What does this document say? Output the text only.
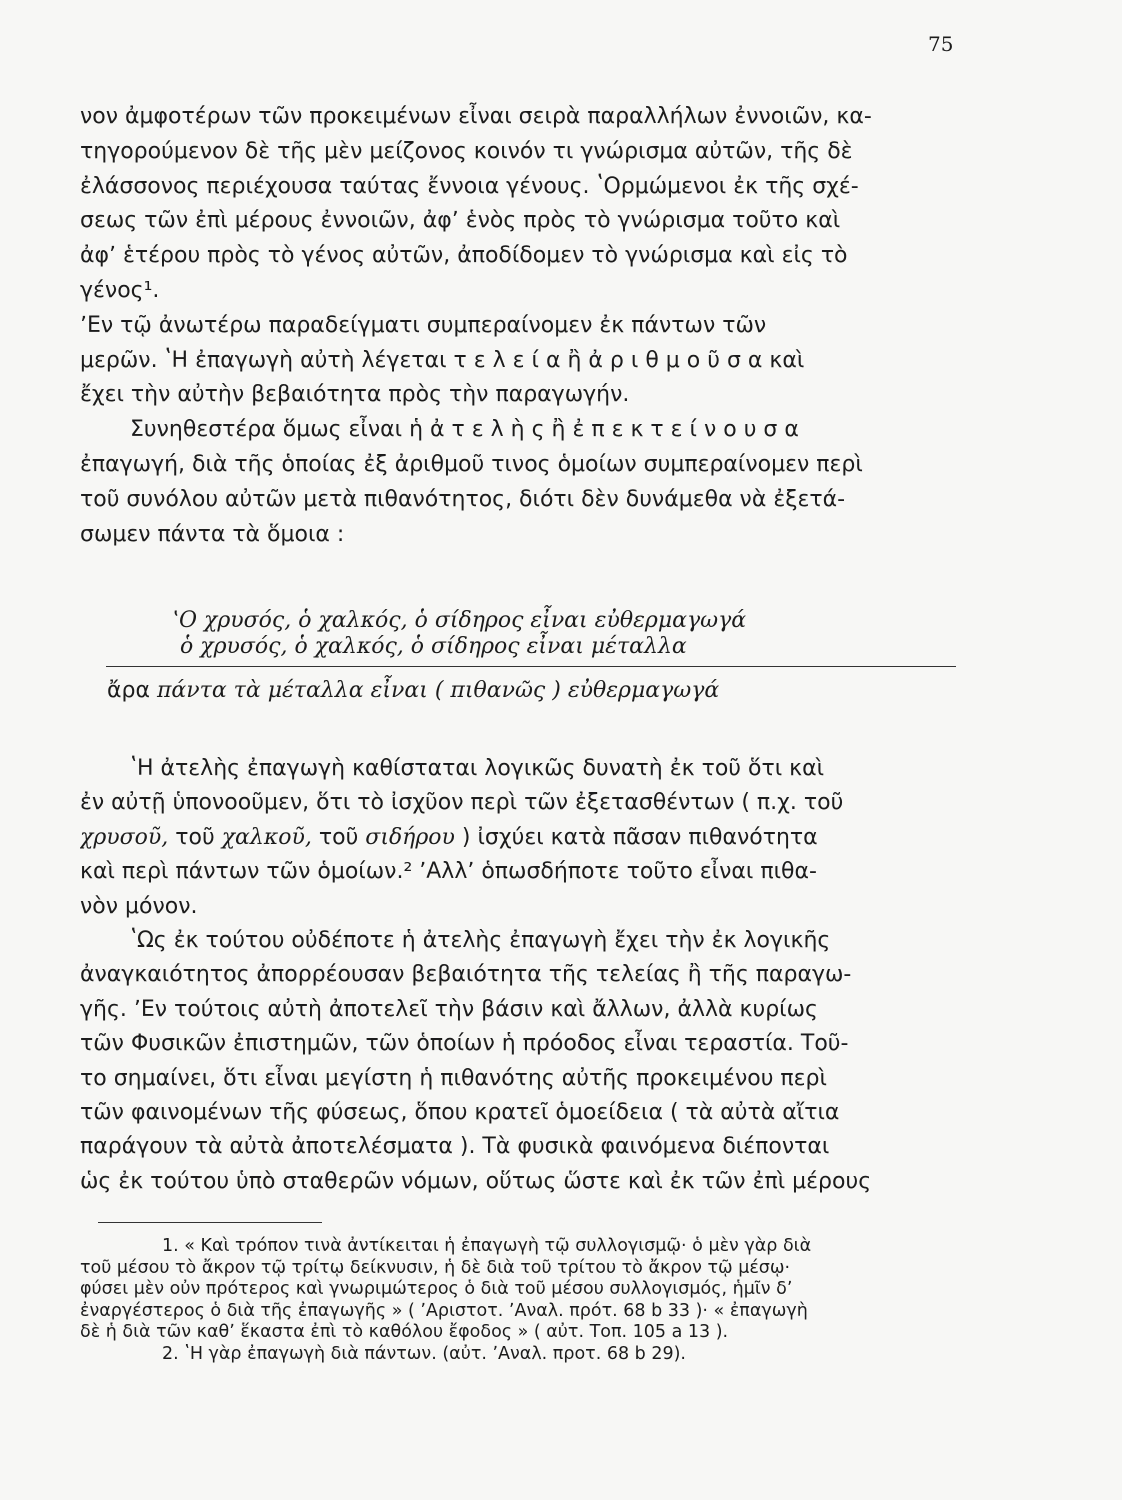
75
νον ἀμφοτέρων τῶν προκειμένων εἶναι σειρὰ παραλλήλων ἐννοιῶν, κα-
τηγορούμενον δὲ τῆς μὲν μείζονος κοινόν τι γνώρισμα αὐτῶν, τῆς δὲ
ἐλάσσονος περιέχουσα ταύτας ἔννοια γένους. ʽΟρμώμενοι ἐκ τῆς σχέ-
σεως τῶν ἐπὶ μέρους ἐννοιῶν, ἀφʼ ἑνὸς πρὸς τὸ γνώρισμα τοῦτο καὶ
ἀφʼ ἑτέρου πρὸς τὸ γένος αὐτῶν, ἀποδίδομεν τὸ γνώρισμα καὶ εἰς τὸ
γένος¹.
ʼΕν τῷ ἀνωτέρω παραδείγματι συμπεραίνομεν ἐκ πάντων τῶν
μερῶν. ʽΗ ἐπαγωγὴ αὐτὴ λέγεται τ ε λ ε ί α ἢ ἀ ρ ι θ μ ο ῦ σ α καὶ
ἔχει τὴν αὐτὴν βεβαιότητα πρὸς τὴν παραγωγήν.
Συνηθεστέρα ὅμως εἶναι ἡ ἀ τ ε λ ὴ ς ἢ ἐ π ε κ τ ε ί ν ο υ σ α
ἐπαγωγή, διὰ τῆς ὁποίας ἐξ ἀριθμοῦ τινος ὁμοίων συμπεραίνομεν περὶ
τοῦ συνόλου αὐτῶν μετὰ πιθανότητος, διότι δὲν δυνάμεθα νὰ ἐξετά-
σωμεν πάντα τὰ ὅμοια :
ʽΟ χρυσός, ὁ χαλκός, ὁ σίδηρος εἶναι εὐθερμαγωγά
ὁ χρυσός, ὁ χαλκός, ὁ σίδηρος εἶναι μέταλλα
ἄρα πάντα τὰ μέταλλα εἶναι ( πιθανῶς ) εὐθερμαγωγά
ʽΗ ἀτελὴς ἐπαγωγὴ καθίσταται λογικῶς δυνατὴ ἐκ τοῦ ὅτι καὶ
ἐν αὐτῇ ὑπονοοῦμεν, ὅτι τὸ ἰσχῦον περὶ τῶν ἐξετασθέντων ( π.χ. τοῦ
χρυσοῦ, τοῦ χαλκοῦ, τοῦ σιδήρου ) ἰσχύει κατὰ πᾶσαν πιθανότητα
καὶ περὶ πάντων τῶν ὁμοίων.² ʼΑλλʼ ὁπωσδήποτε τοῦτο εἶναι πιθα-
νὸν μόνον.
ʽΩς ἐκ τούτου οὐδέποτε ἡ ἀτελὴς ἐπαγωγὴ ἔχει τὴν ἐκ λογικῆς
ἀναγκαιότητος ἀπορρέουσαν βεβαιότητα τῆς τελείας ἢ τῆς παραγω-
γῆς. ʼΕν τούτοις αὐτὴ ἀποτελεῖ τὴν βάσιν καὶ ἄλλων, ἀλλὰ κυρίως
τῶν Φυσικῶν ἐπιστημῶν, τῶν ὁποίων ἡ πρόοδος εἶναι τεραστία. Τοῦ-
το σημαίνει, ὅτι εἶναι μεγίστη ἡ πιθανότης αὐτῆς προκειμένου περὶ
τῶν φαινομένων τῆς φύσεως, ὅπου κρατεῖ ὁμοείδεια ( τὰ αὐτὰ αἴτια
παράγουν τὰ αὐτὰ ἀποτελέσματα ). Τὰ φυσικὰ φαινόμενα διέπονται
ὡς ἐκ τούτου ὑπὸ σταθερῶν νόμων, οὕτως ὥστε καὶ ἐκ τῶν ἐπὶ μέρους
1. « Καὶ τρόπον τινὰ ἀντίκειται ἡ ἐπαγωγὴ τῷ συλλογισμῷ· ὁ μὲν γὰρ διὰ
τοῦ μέσου τὸ ἄκρον τῷ τρίτῳ δείκνυσιν, ἡ δὲ διὰ τοῦ τρίτου τὸ ἄκρον τῷ μέσῳ·
φύσει μὲν οὖν πρότερος καὶ γνωριμώτερος ὁ διὰ τοῦ μέσου συλλογισμός, ἡμῖν δʼ
ἐναργέστερος ὁ διὰ τῆς ἐπαγωγῆς » ( ʼΑριστοτ. ʼΑναλ. πρότ. 68 b 33 )· « ἐπαγωγὴ
δὲ ἡ διὰ τῶν καθʼ ἕκαστα ἐπὶ τὸ καθόλου ἔφοδος » ( αὐτ. Τοπ. 105 a 13 ).
2. ʽΗ γὰρ ἐπαγωγὴ διὰ πάντων. (αὐτ. ʼΑναλ. προτ. 68 b 29).
